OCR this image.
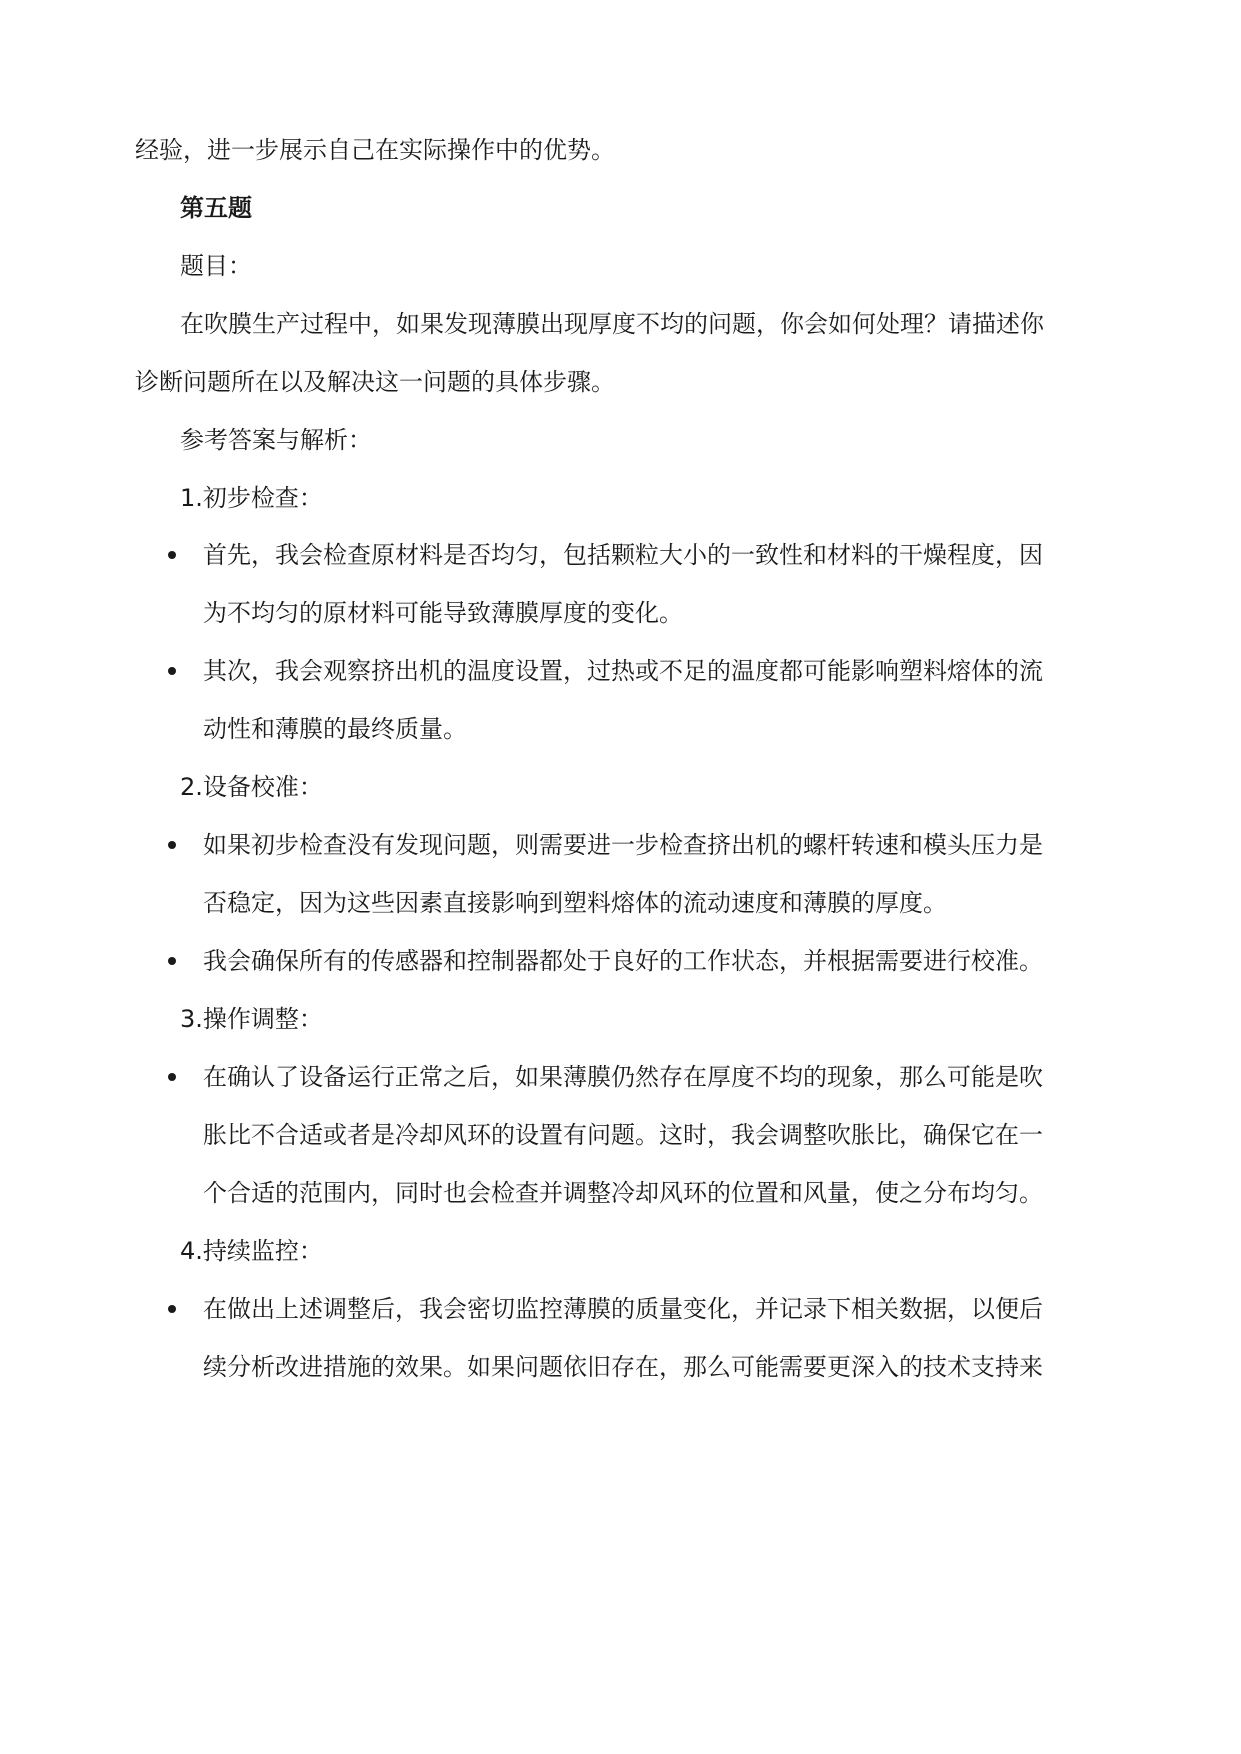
经验，进一步展示自己在实际操作中的优势。
第五题
题目：
在吹膜生产过程中，如果发现薄膜出现厚度不均的问题，你会如何处理？请描述你
诊断问题所在以及解决这一问题的具体步骤。
参考答案与解析：
1.初步检查：
首先，我会检查原材料是否均匀，包括颗粒大小的一致性和材料的干燥程度，因
为不均匀的原材料可能导致薄膜厚度的变化。
其次，我会观察挤出机的温度设置，过热或不足的温度都可能影响塑料熔体的流
动性和薄膜的最终质量。
2.设备校准：
如果初步检查没有发现问题，则需要进一步检查挤出机的螺杆转速和模头压力是
否稳定，因为这些因素直接影响到塑料熔体的流动速度和薄膜的厚度。
我会确保所有的传感器和控制器都处于良好的工作状态，并根据需要进行校准。
3.操作调整：
在确认了设备运行正常之后，如果薄膜仍然存在厚度不均的现象，那么可能是吹
胀比不合适或者是冷却风环的设置有问题。这时，我会调整吹胀比，确保它在一
个合适的范围内，同时也会检查并调整冷却风环的位置和风量，使之分布均匀。
4.持续监控：
在做出上述调整后，我会密切监控薄膜的质量变化，并记录下相关数据，以便后
续分析改进措施的效果。如果问题依旧存在，那么可能需要更深入的技术支持来
